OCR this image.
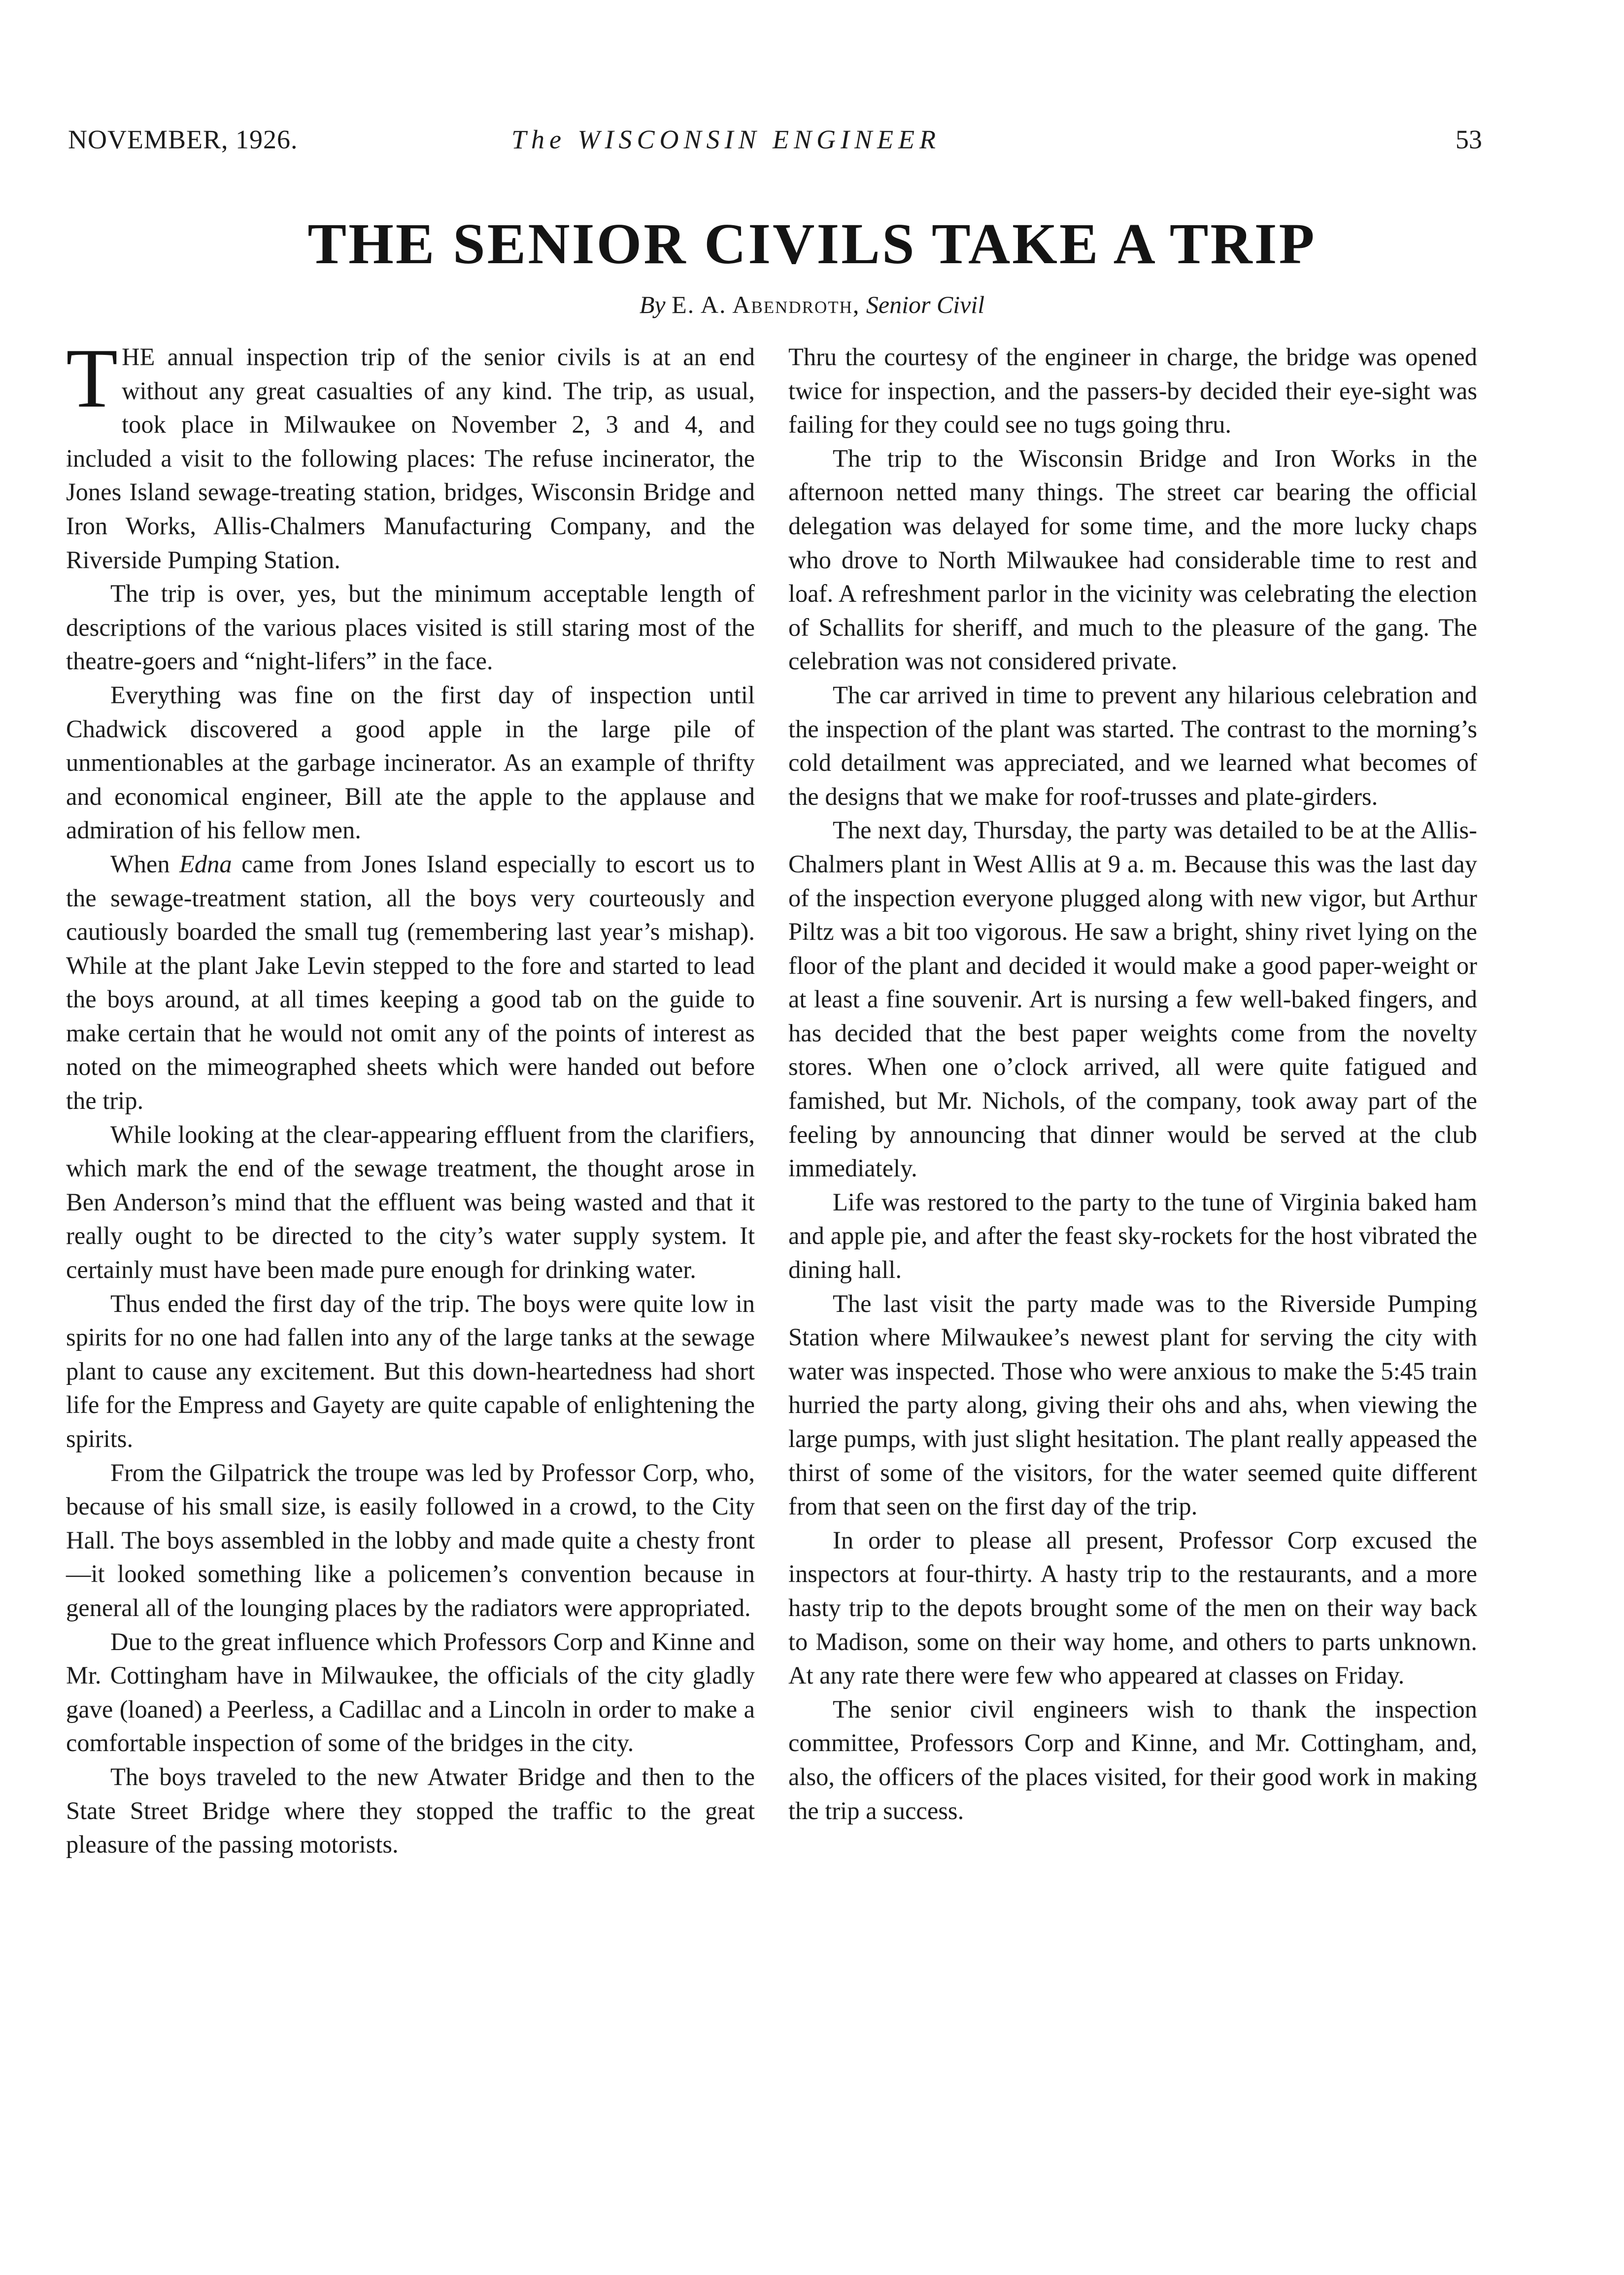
NOVEMBER, 1926.	The WISCONSIN ENGINEER	53
THE SENIOR CIVILS TAKE A TRIP
By E. A. Abendroth, Senior Civil

THE annual inspection trip of the senior civils is at an end without any great casualties of any kind. The trip, as usual, took place in Milwaukee on November 2, 3 and 4, and included a visit to the following places: The refuse incinerator, the Jones Island sewage-treating station, bridges, Wisconsin Bridge and Iron Works, Allis-Chalmers Manufacturing Company, and the Riverside Pumping Station.

The trip is over, yes, but the minimum acceptable length of descriptions of the various places visited is still staring most of the theatre-goers and “night-lifers” in the face.

Everything was fine on the first day of inspection until Chadwick discovered a good apple in the large pile of unmentionables at the garbage incinerator. As an example of thrifty and economical engineer, Bill ate the apple to the applause and admiration of his fellow men.

When Edna came from Jones Island especially to escort us to the sewage-treatment station, all the boys very courteously and cautiously boarded the small tug (remembering last year’s mishap). While at the plant Jake Levin stepped to the fore and started to lead the boys around, at all times keeping a good tab on the guide to make certain that he would not omit any of the points of interest as noted on the mimeographed sheets which were handed out before the trip.

While looking at the clear-appearing effluent from the clarifiers, which mark the end of the sewage treatment, the thought arose in Ben Anderson’s mind that the effluent was being wasted and that it really ought to be directed to the city’s water supply system. It certainly must have been made pure enough for drinking water.

Thus ended the first day of the trip. The boys were quite low in spirits for no one had fallen into any of the large tanks at the sewage plant to cause any excitement. But this down-heartedness had short life for the Empress and Gayety are quite capable of enlightening the spirits.

From the Gilpatrick the troupe was led by Professor Corp, who, because of his small size, is easily followed in a crowd, to the City Hall. The boys assembled in the lobby and made quite a chesty front—it looked something like a policemen’s convention because in general all of the lounging places by the radiators were appropriated.

Due to the great influence which Professors Corp and Kinne and Mr. Cottingham have in Milwaukee, the officials of the city gladly gave (loaned) a Peerless, a Cadillac and a Lincoln in order to make a comfortable inspection of some of the bridges in the city.

The boys traveled to the new Atwater Bridge and then to the State Street Bridge where they stopped the traffic to the great pleasure of the passing motorists.

Thru the courtesy of the engineer in charge, the bridge was opened twice for inspection, and the passers-by decided their eye-sight was failing for they could see no tugs going thru.

The trip to the Wisconsin Bridge and Iron Works in the afternoon netted many things. The street car bearing the official delegation was delayed for some time, and the more lucky chaps who drove to North Milwaukee had considerable time to rest and loaf. A refreshment parlor in the vicinity was celebrating the election of Schallits for sheriff, and much to the pleasure of the gang. The celebration was not considered private.

The car arrived in time to prevent any hilarious celebration and the inspection of the plant was started. The contrast to the morning’s cold detailment was appreciated, and we learned what becomes of the designs that we make for roof-trusses and plate-girders.

The next day, Thursday, the party was detailed to be at the Allis-Chalmers plant in West Allis at 9 a. m. Because this was the last day of the inspection everyone plugged along with new vigor, but Arthur Piltz was a bit too vigorous. He saw a bright, shiny rivet lying on the floor of the plant and decided it would make a good paper-weight or at least a fine souvenir. Art is nursing a few well-baked fingers, and has decided that the best paper weights come from the novelty stores. When one o’clock arrived, all were quite fatigued and famished, but Mr. Nichols, of the company, took away part of the feeling by announcing that dinner would be served at the club immediately.

Life was restored to the party to the tune of Virginia baked ham and apple pie, and after the feast sky-rockets for the host vibrated the dining hall.

The last visit the party made was to the Riverside Pumping Station where Milwaukee’s newest plant for serving the city with water was inspected. Those who were anxious to make the 5:45 train hurried the party along, giving their ohs and ahs, when viewing the large pumps, with just slight hesitation. The plant really appeased the thirst of some of the visitors, for the water seemed quite different from that seen on the first day of the trip.

In order to please all present, Professor Corp excused the inspectors at four-thirty. A hasty trip to the restaurants, and a more hasty trip to the depots brought some of the men on their way back to Madison, some on their way home, and others to parts unknown. At any rate there were few who appeared at classes on Friday.

The senior civil engineers wish to thank the inspection committee, Professors Corp and Kinne, and Mr. Cottingham, and, also, the officers of the places visited, for their good work in making the trip a success.
